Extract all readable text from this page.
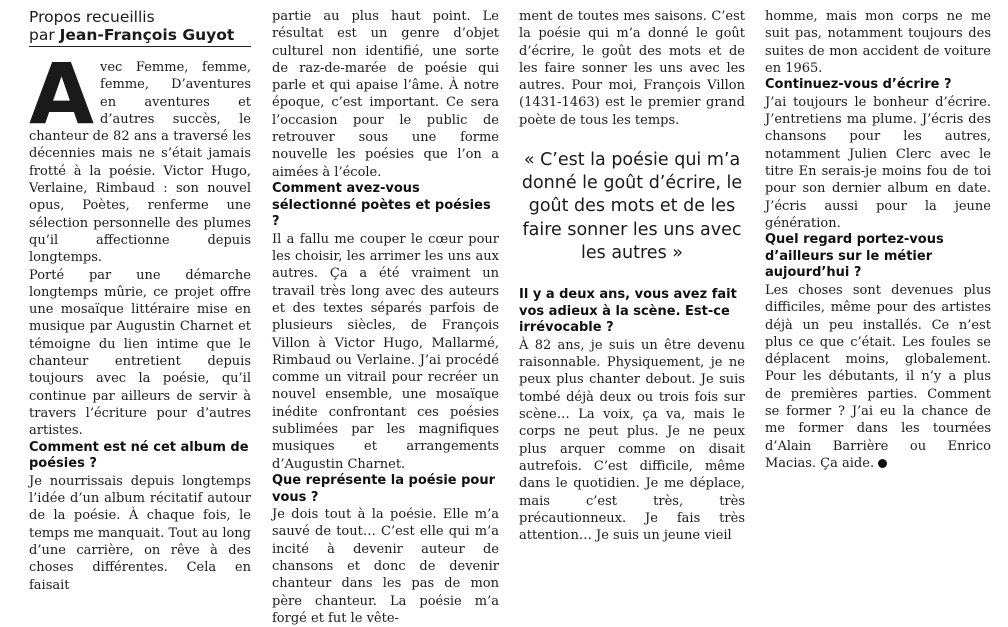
Propos recueillis
par Jean-François Guyot
A vec Femme, femme, femme, D’aventures en aventures et d’autres succès, le chanteur de 82 ans a traversé les décennies mais ne s’était jamais frotté à la poésie. Victor Hugo, Verlaine, Rimbaud : son nouvel opus, Poètes, renferme une sélection personnelle des plumes qu’il affectionne depuis longtemps.

Porté par une démarche longtemps mûrie, ce projet offre une mosaïque littéraire mise en musique par Augustin Charnet et témoigne du lien intime que le chanteur entretient depuis toujours avec la poésie, qu’il continue par ailleurs de servir à travers l’écriture pour d’autres artistes.

Comment est né cet album de poésies ?

Je nourrissais depuis longtemps l’idée d’un album récitatif autour de la poésie. À chaque fois, le temps me manquait. Tout au long d’une carrière, on rêve à des choses différentes. Cela en faisait

partie au plus haut point. Le résultat est un genre d’objet culturel non identifié, une sorte de raz-de-marée de poésie qui parle et qui apaise l’âme. À notre époque, c’est important. Ce sera l’occasion pour le public de retrouver sous une forme nouvelle les poésies que l’on a aimées à l’école.

Comment avez-vous sélectionné poètes et poésies ?

Il a fallu me couper le cœur pour les choisir, les arrimer les uns aux autres. Ça a été vraiment un travail très long avec des auteurs et des textes séparés parfois de plusieurs siècles, de François Villon à Victor Hugo, Mallarmé, Rimbaud ou Verlaine. J’ai procédé comme un vitrail pour recréer un nouvel ensemble, une mosaïque inédite confrontant ces poésies sublimées par les magnifiques musiques et arrangements d’Augustin Charnet.

Que représente la poésie pour vous ?

Je dois tout à la poésie. Elle m’a sauvé de tout… C’est elle qui m’a incité à devenir auteur de chansons et donc de devenir chanteur dans les pas de mon père chanteur. La poésie m’a forgé et fut le vête-

ment de toutes mes saisons. C’est la poésie qui m’a donné le goût d’écrire, le goût des mots et de les faire sonner les uns avec les autres. Pour moi, François Villon (1431-1463) est le premier grand poète de tous les temps.

« C’est la poésie qui m’a donné le goût d’écrire, le goût des mots et de les faire sonner les uns avec les autres »
Il y a deux ans, vous avez fait vos adieux à la scène. Est-ce irrévocable ?

À 82 ans, je suis un être devenu raisonnable. Physiquement, je ne peux plus chanter debout. Je suis tombé déjà deux ou trois fois sur scène… La voix, ça va, mais le corps ne peut plus. Je ne peux plus arquer comme on disait autrefois. C’est difficile, même dans le quotidien. Je me déplace, mais c’est très, très précautionneux. Je fais très attention… Je suis un jeune vieil

homme, mais mon corps ne me suit pas, notamment toujours des suites de mon accident de voiture en 1965.

Continuez-vous d’écrire ?

J’ai toujours le bonheur d’écrire. J’entretiens ma plume. J’écris des chansons pour les autres, notamment Julien Clerc avec le titre En serais-je moins fou de toi pour son dernier album en date. J’écris aussi pour la jeune génération.

Quel regard portez-vous d’ailleurs sur le métier aujourd’hui ?

Les choses sont devenues plus difficiles, même pour des artistes déjà un peu installés. Ce n’est plus ce que c’était. Les foules se déplacent moins, globalement. Pour les débutants, il n’y a plus de premières parties. Comment se former ? J’ai eu la chance de me former dans les tournées d’Alain Barrière ou Enrico Macias. Ça aide.
